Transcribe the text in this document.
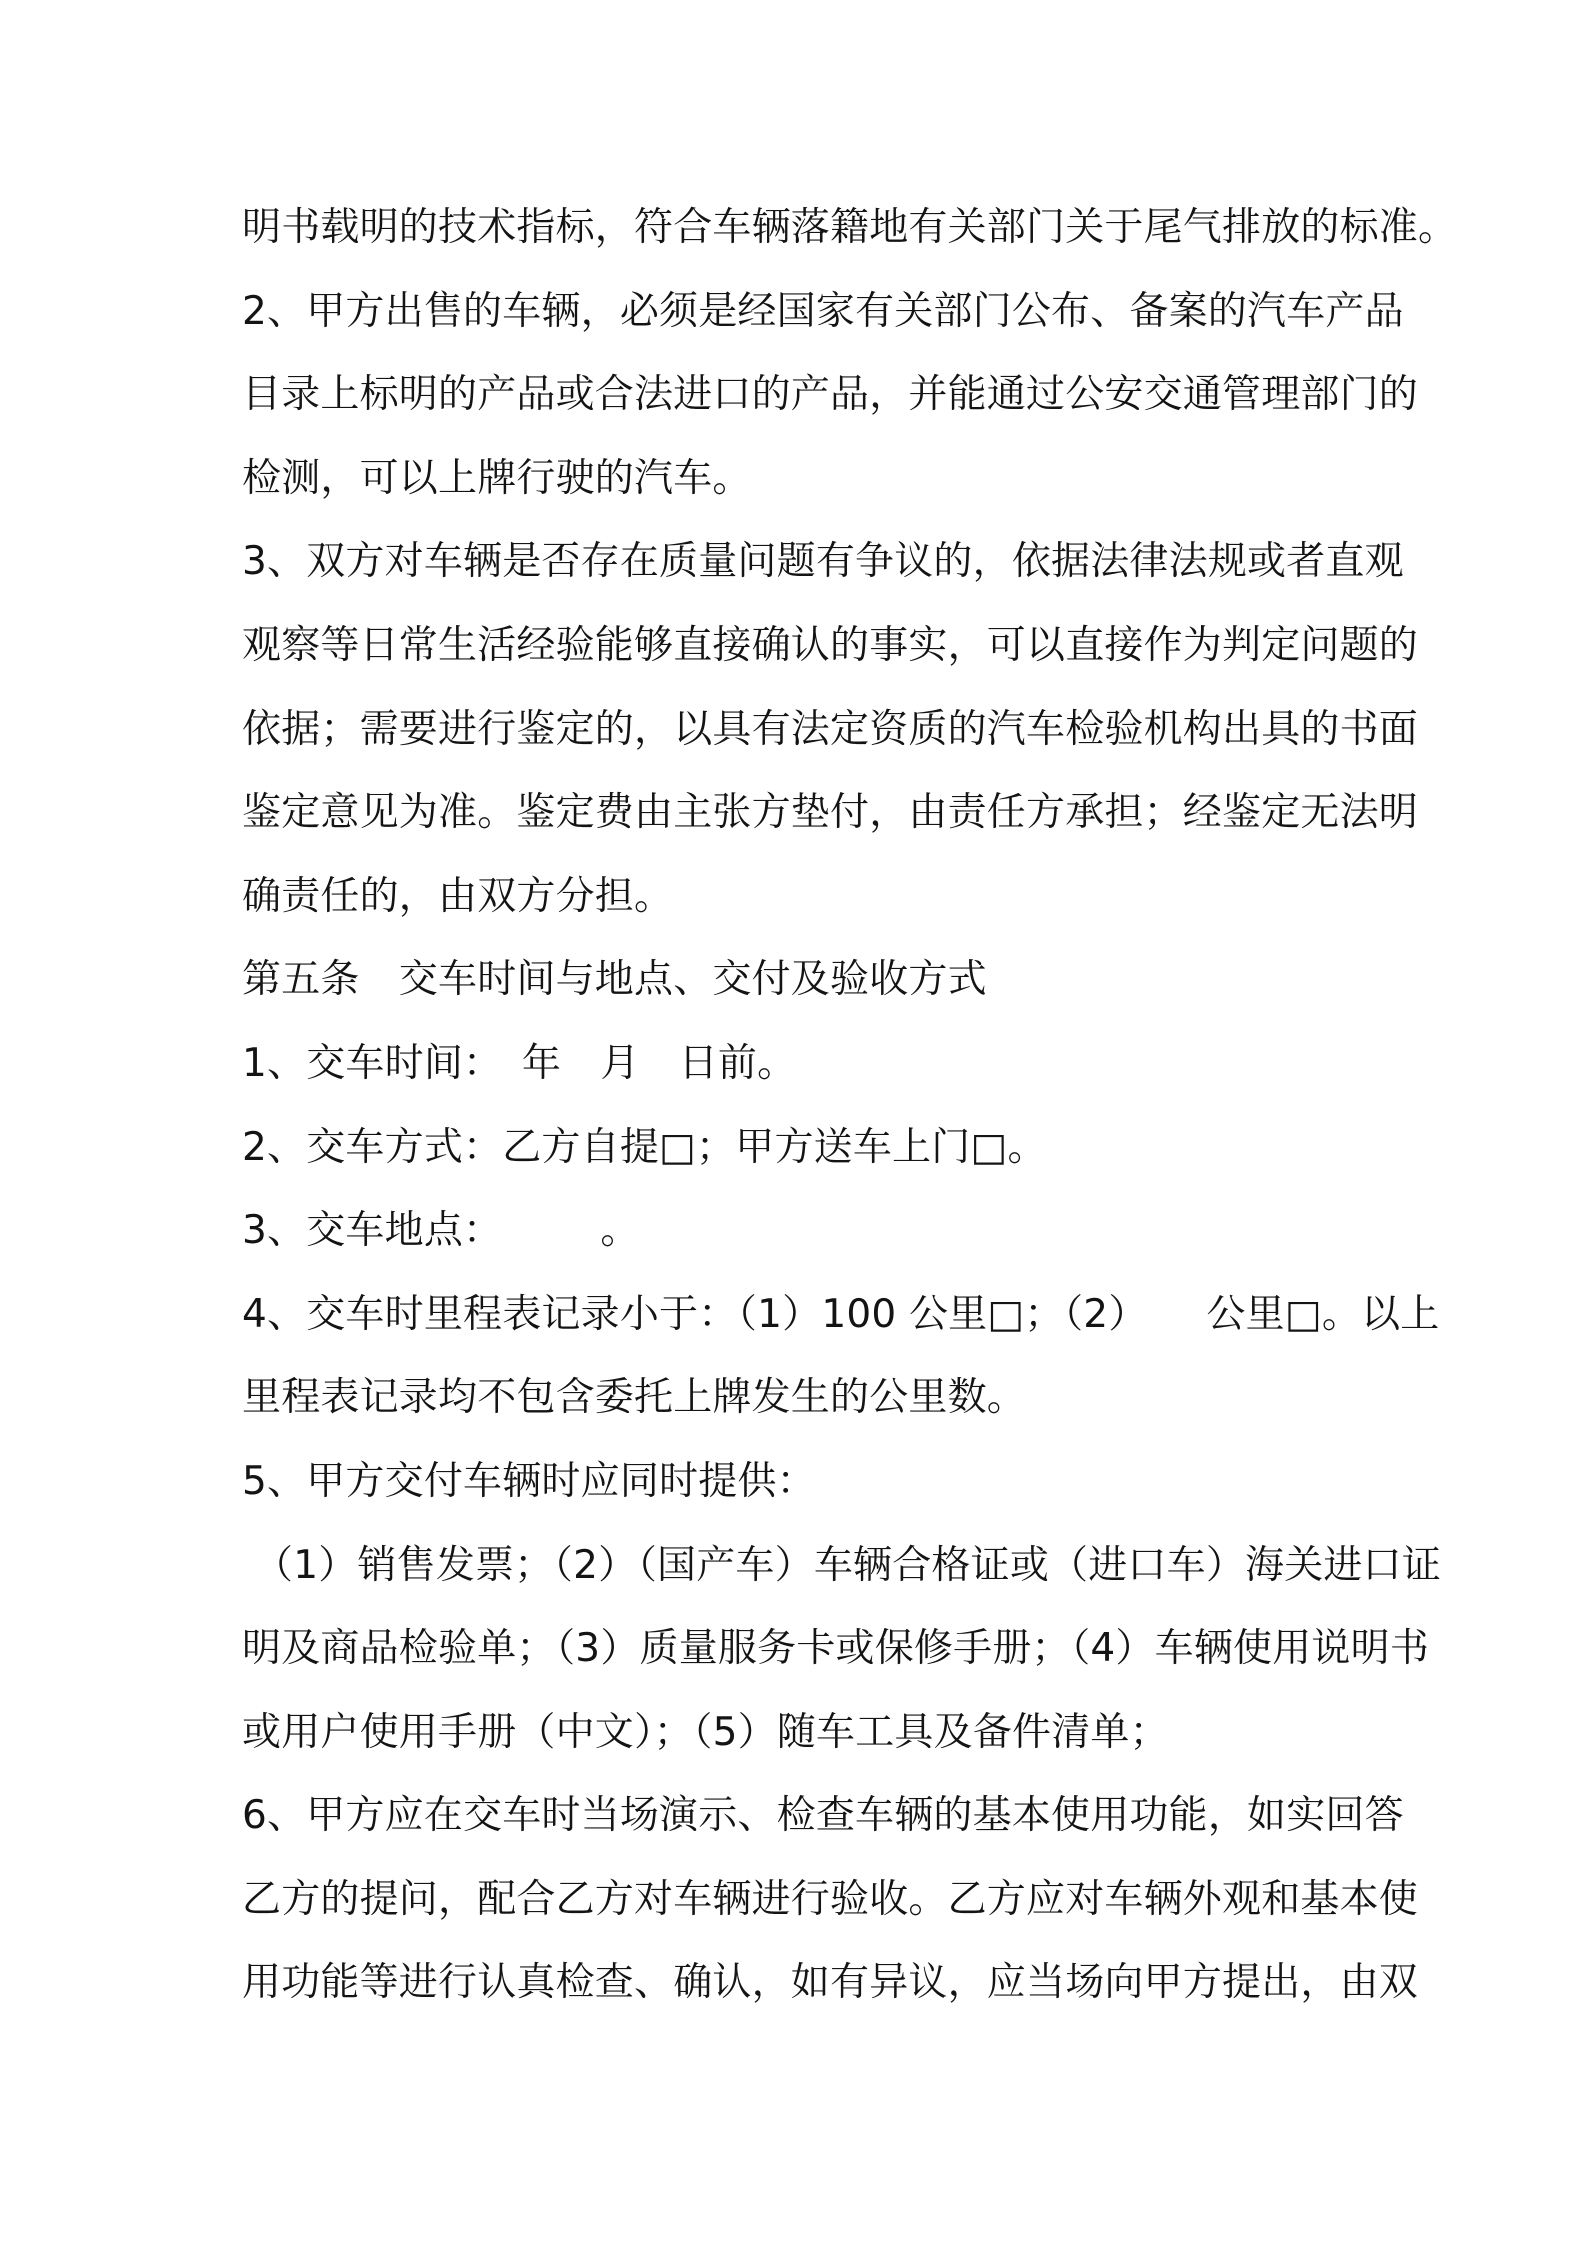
明书载明的技术指标，符合车辆落籍地有关部门关于尾气排放的标准。
2、甲方出售的车辆，必须是经国家有关部门公布、备案的汽车产品
目录上标明的产品或合法进口的产品，并能通过公安交通管理部门的
检测，可以上牌行驶的汽车。
3、双方对车辆是否存在质量问题有争议的，依据法律法规或者直观
观察等日常生活经验能够直接确认的事实，可以直接作为判定问题的
依据；需要进行鉴定的，以具有法定资质的汽车检验机构出具的书面
鉴定意见为准。鉴定费由主张方垫付，由责任方承担；经鉴定无法明
确责任的，由双方分担。
第五条　交车时间与地点、交付及验收方式
1、交车时间：　年　月　日前。
2、交车方式：乙方自提□；甲方送车上门□。
3、交车地点：　　　。
4、交车时里程表记录小于：（1）100 公里□；（2）　　公里□。以上
里程表记录均不包含委托上牌发生的公里数。
5、甲方交付车辆时应同时提供：
（1）销售发票；（2）（国产车）车辆合格证或（进口车）海关进口证
明及商品检验单；（3）质量服务卡或保修手册；（4）车辆使用说明书
或用户使用手册（中文）；（5）随车工具及备件清单；
6、甲方应在交车时当场演示、检查车辆的基本使用功能，如实回答
乙方的提问，配合乙方对车辆进行验收。乙方应对车辆外观和基本使
用功能等进行认真检查、确认，如有异议，应当场向甲方提出，由双
